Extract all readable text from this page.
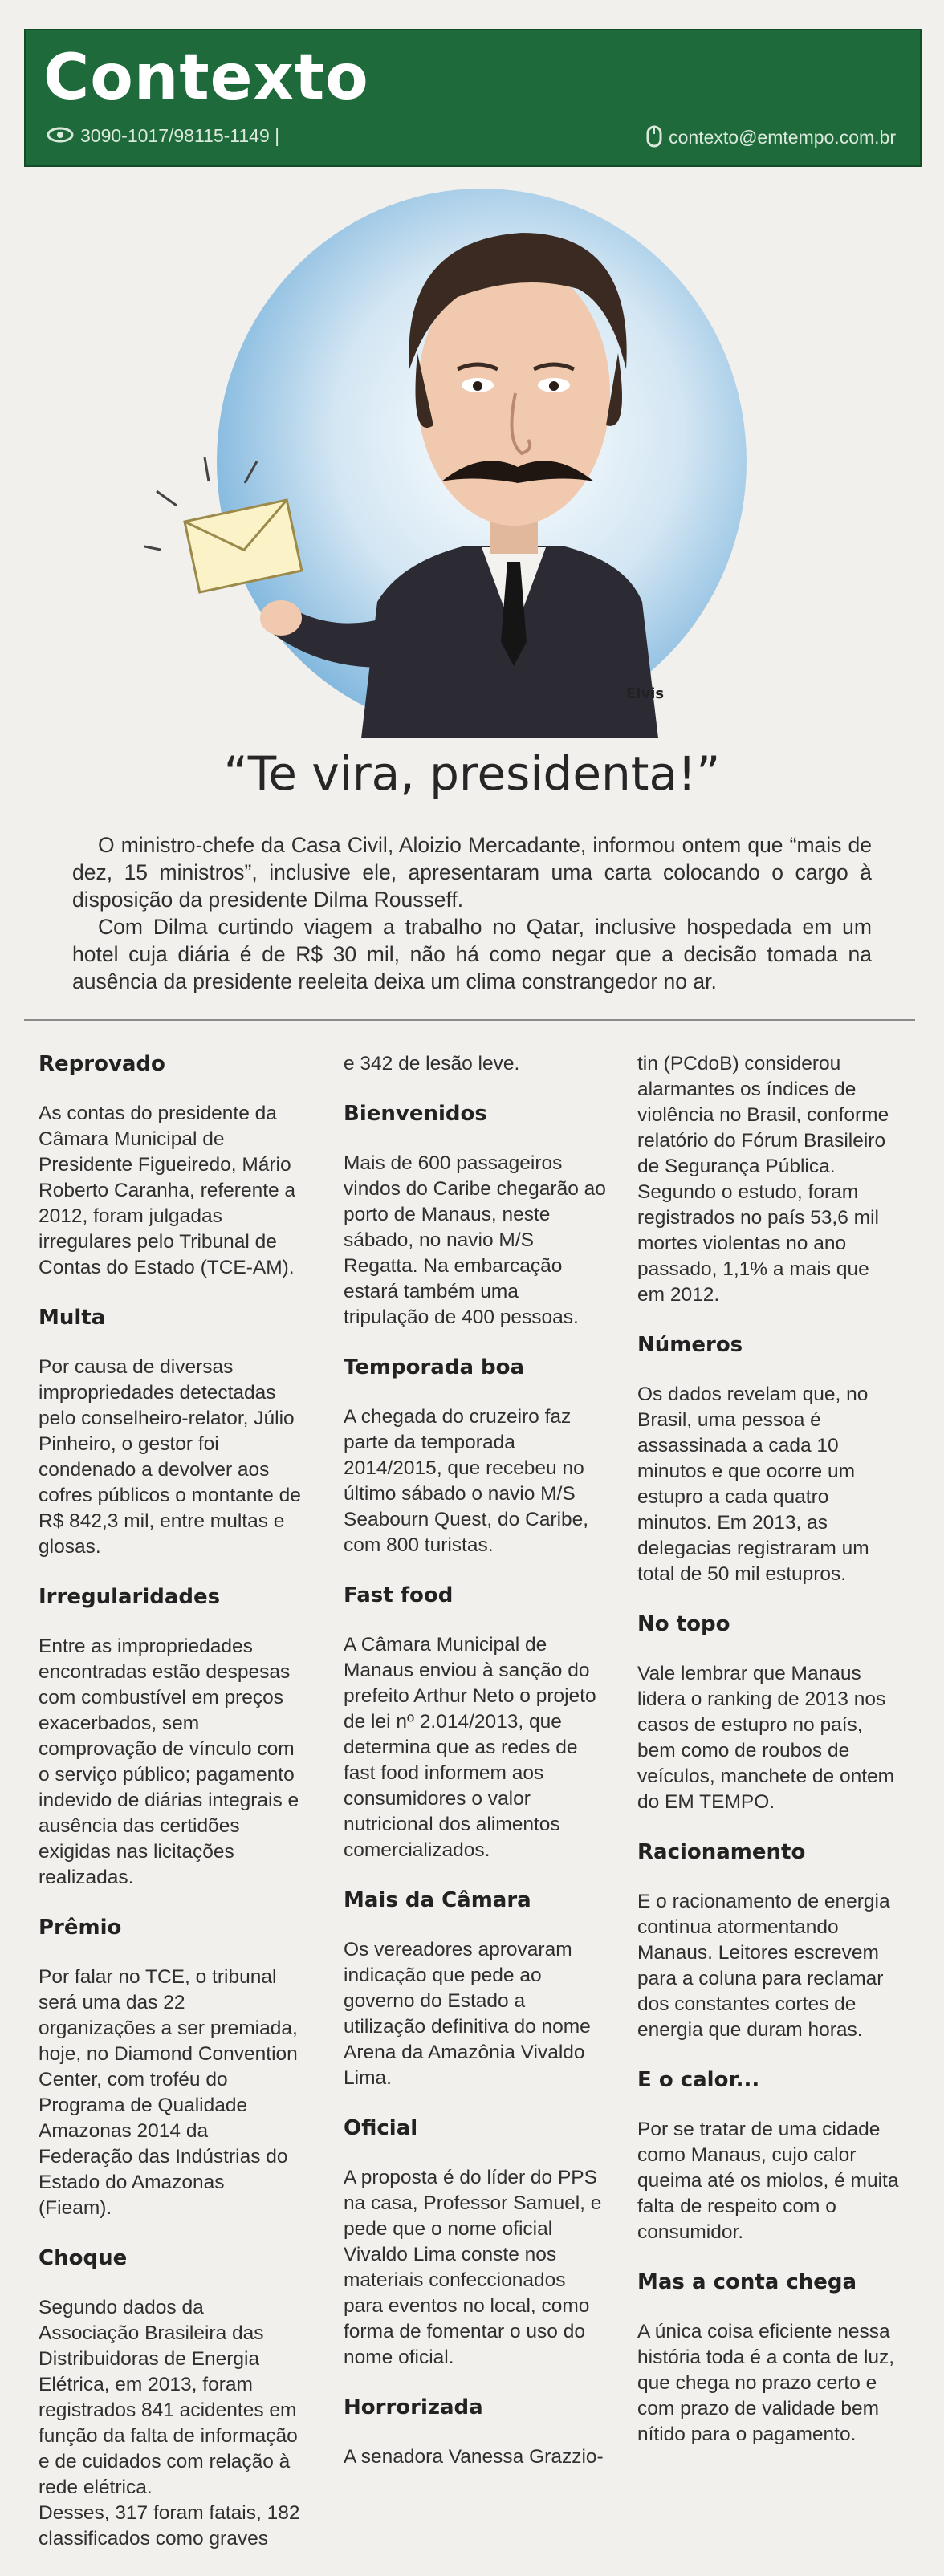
Contexto
3090-1017/98115-1149 |	contexto@emtempo.com.br
Elvis
“Te vira, presidenta!”

O ministro-chefe da Casa Civil, Aloizio Mercadante, informou ontem que “mais de dez, 15 ministros”, inclusive ele, apresentaram uma carta colocando o cargo à disposição da presidente Dilma Rousseff.

Com Dilma curtindo viagem a trabalho no Qatar, inclusive hospedada em um hotel cuja diária é de R$ 30 mil, não há como negar que a decisão tomada na ausência da presidente reeleita deixa um clima constrangedor no ar.

Reprovado

As contas do presidente da Câmara Municipal de Presidente Figueiredo, Mário Roberto Caranha, referente a 2012, foram julgadas irregulares pelo Tribunal de Contas do Estado (TCE-AM).

Multa

Por causa de diversas impropriedades detectadas pelo conselheiro-relator, Júlio Pinheiro, o gestor foi condenado a devolver aos cofres públicos o montante de R$ 842,3 mil, entre multas e glosas.

Irregularidades

Entre as impropriedades encontradas estão despesas com combustível em preços exacerbados, sem comprovação de vínculo com o serviço público; pagamento indevido de diárias integrais e ausência das certidões exigidas nas licitações realizadas.

Prêmio

Por falar no TCE, o tribunal será uma das 22 organizações a ser premiada, hoje, no Diamond Convention Center, com troféu do Programa de Qualidade Amazonas 2014 da Federação das Indústrias do Estado do Amazonas (Fieam).

Choque

Segundo dados da Associação Brasileira das Distribuidoras de Energia Elétrica, em 2013, foram registrados 841 acidentes em função da falta de informação e de cuidados com relação à rede elétrica.

Desses, 317 foram fatais, 182 classificados como graves

e 342 de lesão leve.

Bienvenidos

Mais de 600 passageiros vindos do Caribe chegarão ao porto de Manaus, neste sábado, no navio M/S Regatta. Na embarcação estará também uma tripulação de 400 pessoas.

Temporada boa

A chegada do cruzeiro faz parte da temporada 2014/2015, que recebeu no último sábado o navio M/S Seabourn Quest, do Caribe, com 800 turistas.

Fast food

A Câmara Municipal de Manaus enviou à sanção do prefeito Arthur Neto o projeto de lei nº 2.014/2013, que determina que as redes de fast food informem aos consumidores o valor nutricional dos alimentos comercializados.

Mais da Câmara

Os vereadores aprovaram indicação que pede ao governo do Estado a utilização definitiva do nome Arena da Amazônia Vivaldo Lima.

Oficial

A proposta é do líder do PPS na casa, Professor Samuel, e pede que o nome oficial Vivaldo Lima conste nos materiais confeccionados para eventos no local, como forma de fomentar o uso do nome oficial.

Horrorizada

A senadora Vanessa Grazzio-

tin (PCdoB) considerou alarmantes os índices de violência no Brasil, conforme relatório do Fórum Brasileiro de Segurança Pública.

Segundo o estudo, foram registrados no país 53,6 mil mortes violentas no ano passado, 1,1% a mais que em 2012.

Números

Os dados revelam que, no Brasil, uma pessoa é assassinada a cada 10 minutos e que ocorre um estupro a cada quatro minutos. Em 2013, as delegacias registraram um total de 50 mil estupros.

No topo

Vale lembrar que Manaus lidera o ranking de 2013 nos casos de estupro no país, bem como de roubos de veículos, manchete de ontem do EM TEMPO.

Racionamento

E o racionamento de energia continua atormentando Manaus. Leitores escrevem para a coluna para reclamar dos constantes cortes de energia que duram horas.

E o calor...

Por se tratar de uma cidade como Manaus, cujo calor queima até os miolos, é muita falta de respeito com o consumidor.

Mas a conta chega

A única coisa eficiente nessa história toda é a conta de luz, que chega no prazo certo e com prazo de validade bem nítido para o pagamento.
